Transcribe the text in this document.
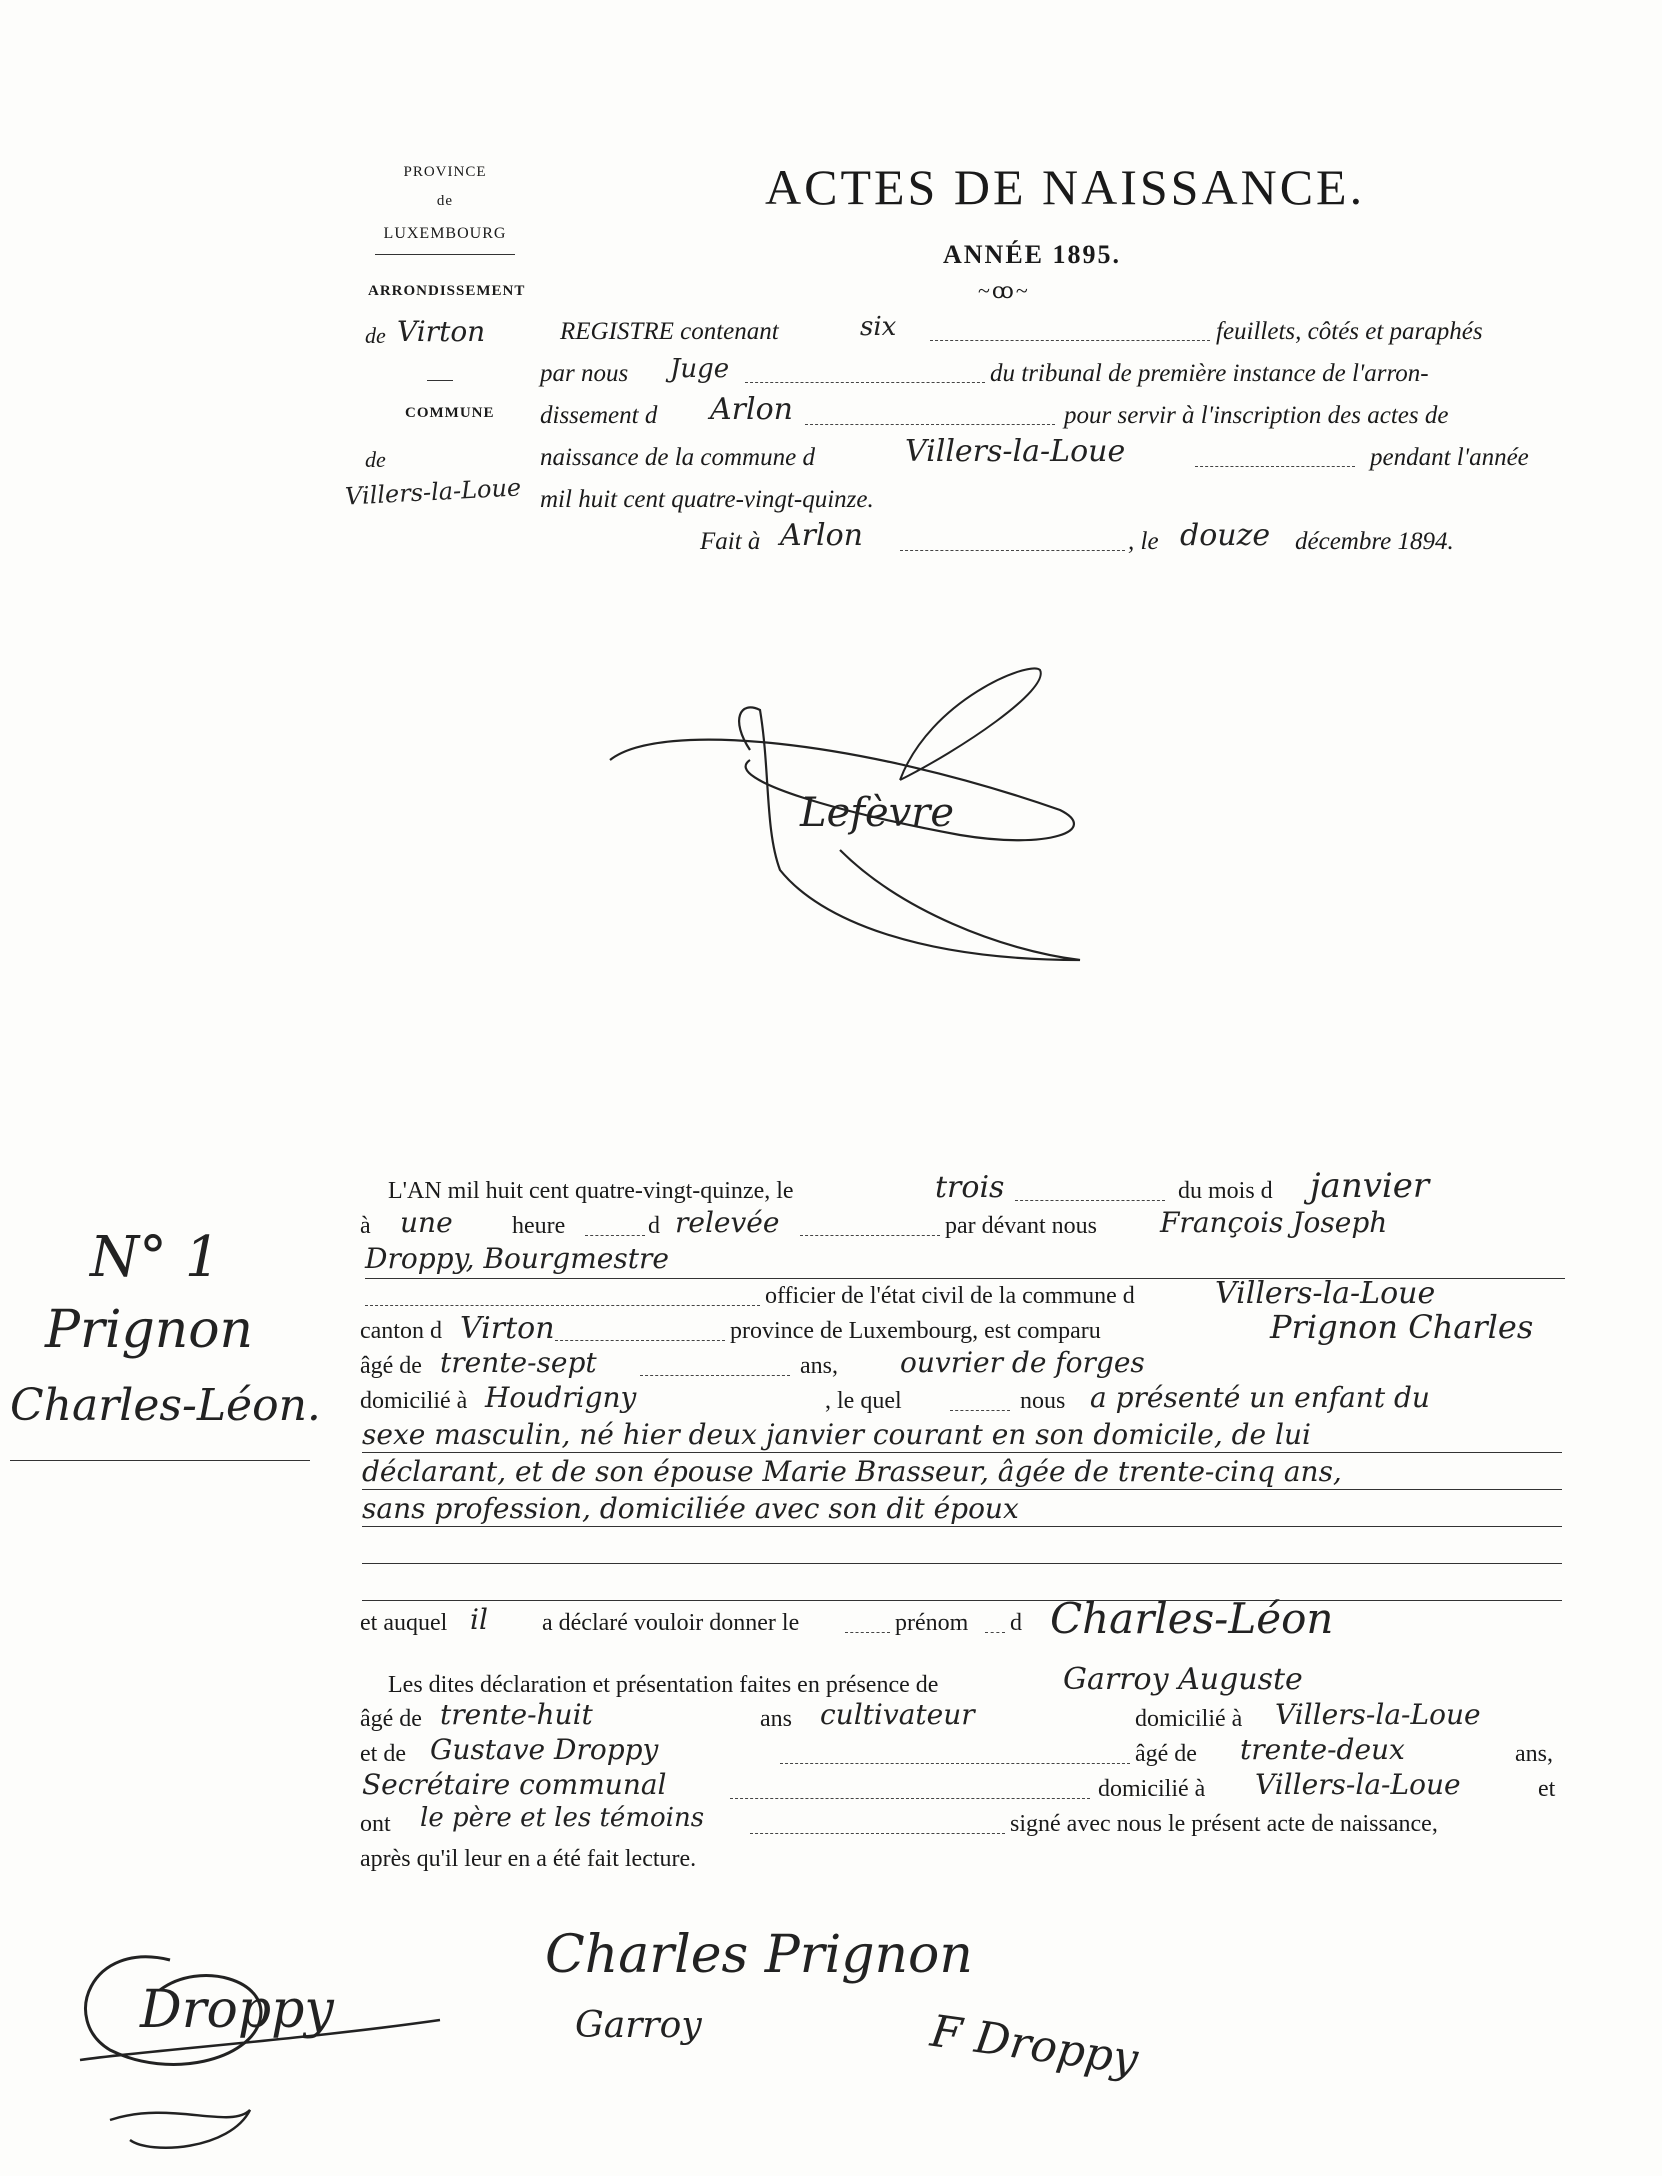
PROVINCE
de
LUXEMBOURG
ARRONDISSEMENT
de Virton
COMMUNE
de
Villers-la-Loue
ACTES DE NAISSANCE.
ANNÉE 1895.
~ꝏ~
REGISTRE contenant	six	feuillets, côtés et paraphés
par nous Juge	du tribunal de première instance de l'arron-
dissement d Arlon	pour servir à l'inscription des actes de
naissance de la commune d	Villers-la-Loue	pendant l'année
mil huit cent quatre-vingt-quinze.
Fait à Arlon	, le douze décembre 1894.
Lefèvre
N° 1
Prignon
Charles-Léon.
L'AN mil huit cent quatre-vingt-quinze, le	trois	du mois d janvier
à une heure	d relevée	par dévant nous François Joseph
Droppy, Bourgmestre
officier de l'état civil de la commune d	Villers-la-Loue
canton d Virton	province de Luxembourg, est comparu	Prignon Charles
âgé de trente-sept	ans, ouvrier de forges
domicilié à Houdrigny	, le quel	nous a présenté un enfant du
sexe masculin, né hier deux janvier courant en son domicile, de lui
déclarant, et de son épouse Marie Brasseur, âgée de trente-cinq ans,
sans profession, domiciliée avec son dit époux
et auquel il a déclaré vouloir donner le	prénom d Charles-Léon
Les dites déclaration et présentation faites en présence de	Garroy Auguste
âgé de trente-huit	ans cultivateur	domicilié à Villers-la-Loue
et de Gustave Droppy	âgé de trente-deux	ans,
Secrétaire communal	domicilié à Villers-la-Loue	et
ont le père et les témoins	signé avec nous le présent acte de naissance,
après qu'il leur en a été fait lecture.
Droppy
Charles Prignon
Garroy	F Droppy
